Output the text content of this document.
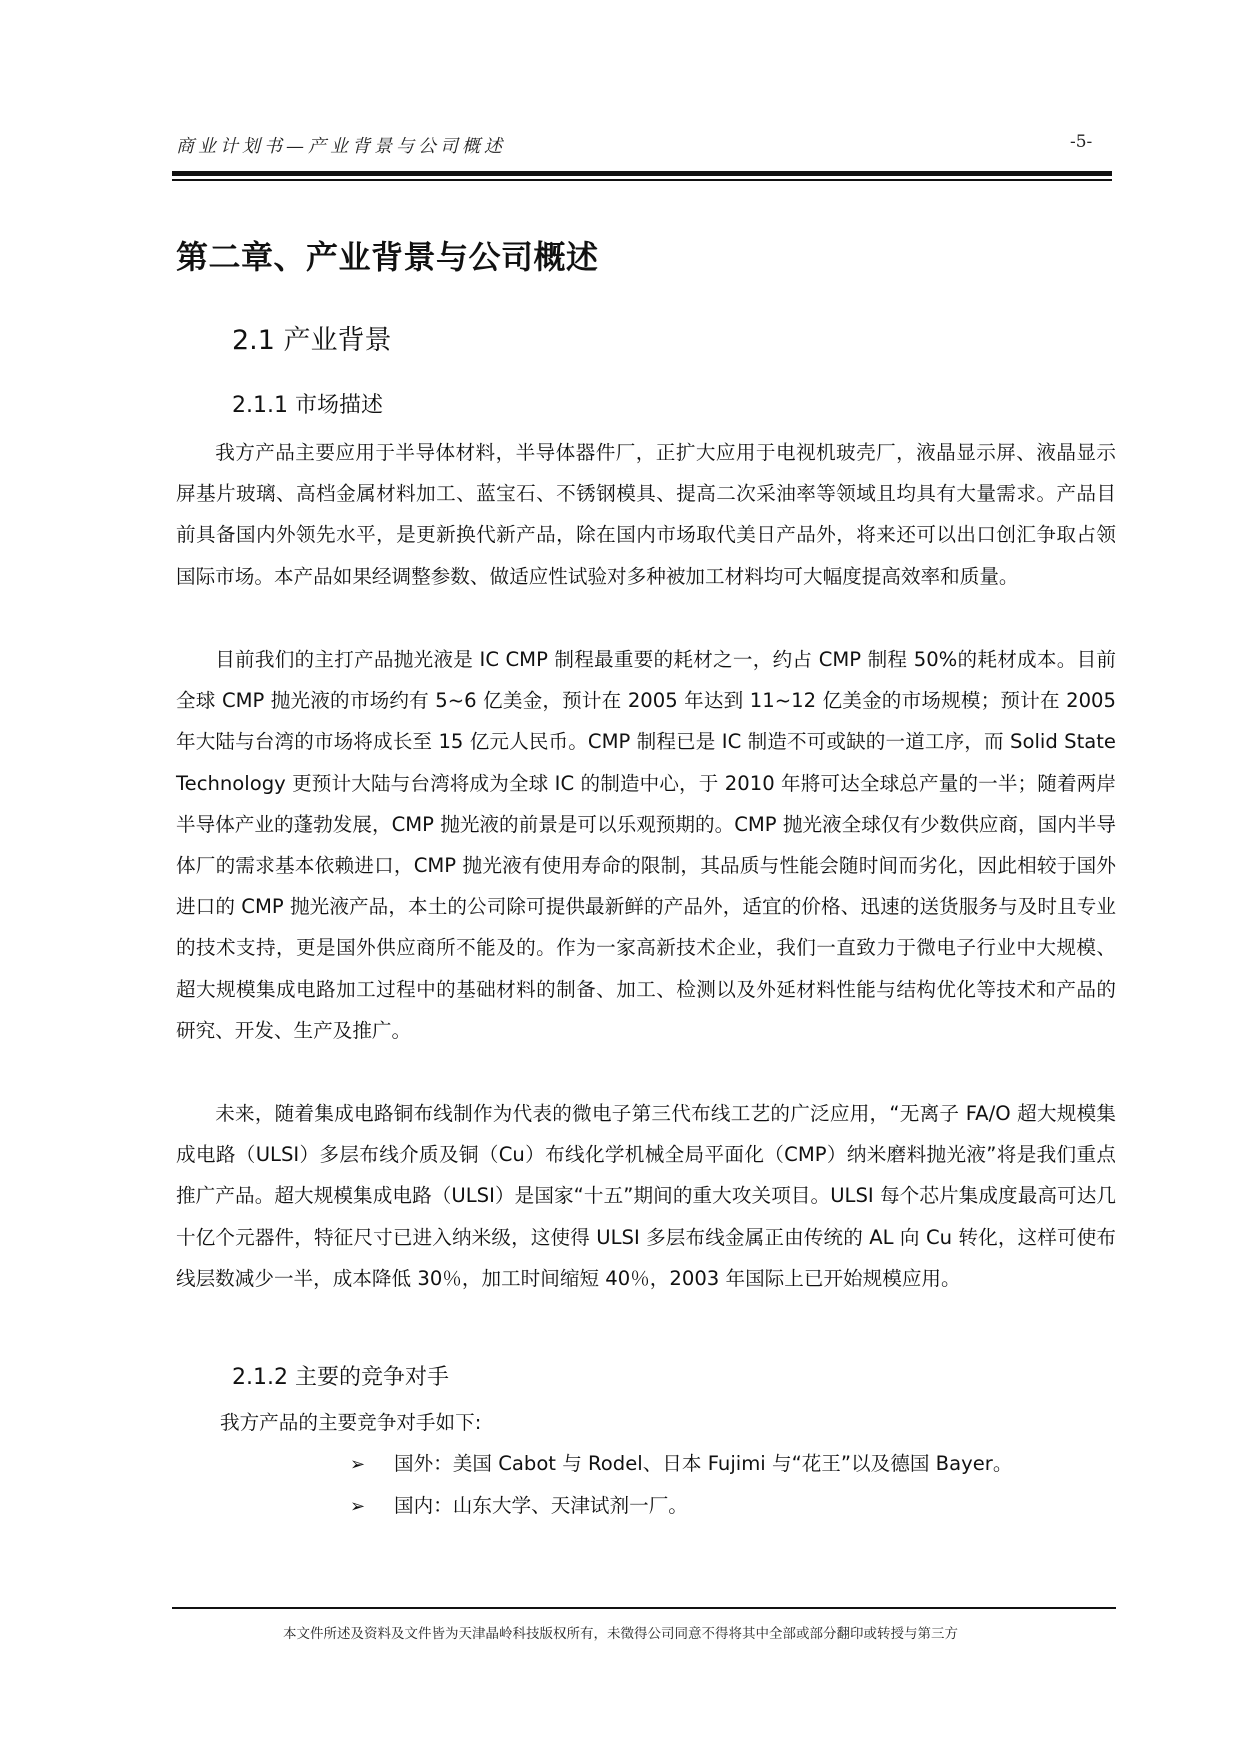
商业计划书—产业背景与公司概述	-5-
第二章、产业背景与公司概述
2.1 产业背景
2.1.1 市场描述

我方产品主要应用于半导体材料，半导体器件厂，正扩大应用于电视机玻壳厂，液晶显示屏、液晶显示屏基片玻璃、高档金属材料加工、蓝宝石、不锈钢模具、提高二次采油率等领域且均具有大量需求。产品目前具备国内外领先水平，是更新换代新产品，除在国内市场取代美日产品外，将来还可以出口创汇争取占领国际市场。本产品如果经调整参数、做适应性试验对多种被加工材料均可大幅度提高效率和质量。

目前我们的主打产品抛光液是 IC CMP 制程最重要的耗材之一，约占 CMP 制程 50%的耗材成本。目前全球 CMP 抛光液的市场约有 5~6 亿美金，预计在 2005 年达到 11~12 亿美金的市场规模；预计在 2005 年大陆与台湾的市场将成长至 15 亿元人民币。CMP 制程已是 IC 制造不可或缺的一道工序，而 Solid State Technology 更预计大陆与台湾将成为全球 IC 的制造中心，于 2010 年將可达全球总产量的一半；随着两岸半导体产业的蓬勃发展，CMP 抛光液的前景是可以乐观预期的。CMP 抛光液全球仅有少数供应商，国内半导体厂的需求基本依赖进口，CMP 抛光液有使用寿命的限制，其品质与性能会随时间而劣化，因此相较于国外进口的 CMP 抛光液产品，本土的公司除可提供最新鲜的产品外，适宜的价格、迅速的送货服务与及时且专业的技术支持，更是国外供应商所不能及的。作为一家高新技术企业，我们一直致力于微电子行业中大规模、超大规模集成电路加工过程中的基础材料的制备、加工、检测以及外延材料性能与结构优化等技术和产品的研究、开发、生产及推广。

未来，随着集成电路铜布线制作为代表的微电子第三代布线工艺的广泛应用，“无离子 FA/O 超大规模集成电路（ULSI）多层布线介质及铜（Cu）布线化学机械全局平面化（CMP）纳米磨料抛光液”将是我们重点推广产品。超大规模集成电路（ULSI）是国家“十五”期间的重大攻关项目。ULSI 每个芯片集成度最高可达几十亿个元器件，特征尺寸已进入纳米级，这使得 ULSI 多层布线金属正由传统的 AL 向 Cu 转化，这样可使布线层数减少一半，成本降低 30％，加工时间缩短 40％，2003 年国际上已开始规模应用。

2.1.2 主要的竞争对手
我方产品的主要竞争对手如下:
➢ 国外：美国 Cabot 与 Rodel、日本 Fujimi 与“花王”以及德国 Bayer。
➢ 国内：山东大学、天津试剂一厂。
本文件所述及资料及文件皆为天津晶岭科技版权所有，未徵得公司同意不得将其中全部或部分翻印或转授与第三方
